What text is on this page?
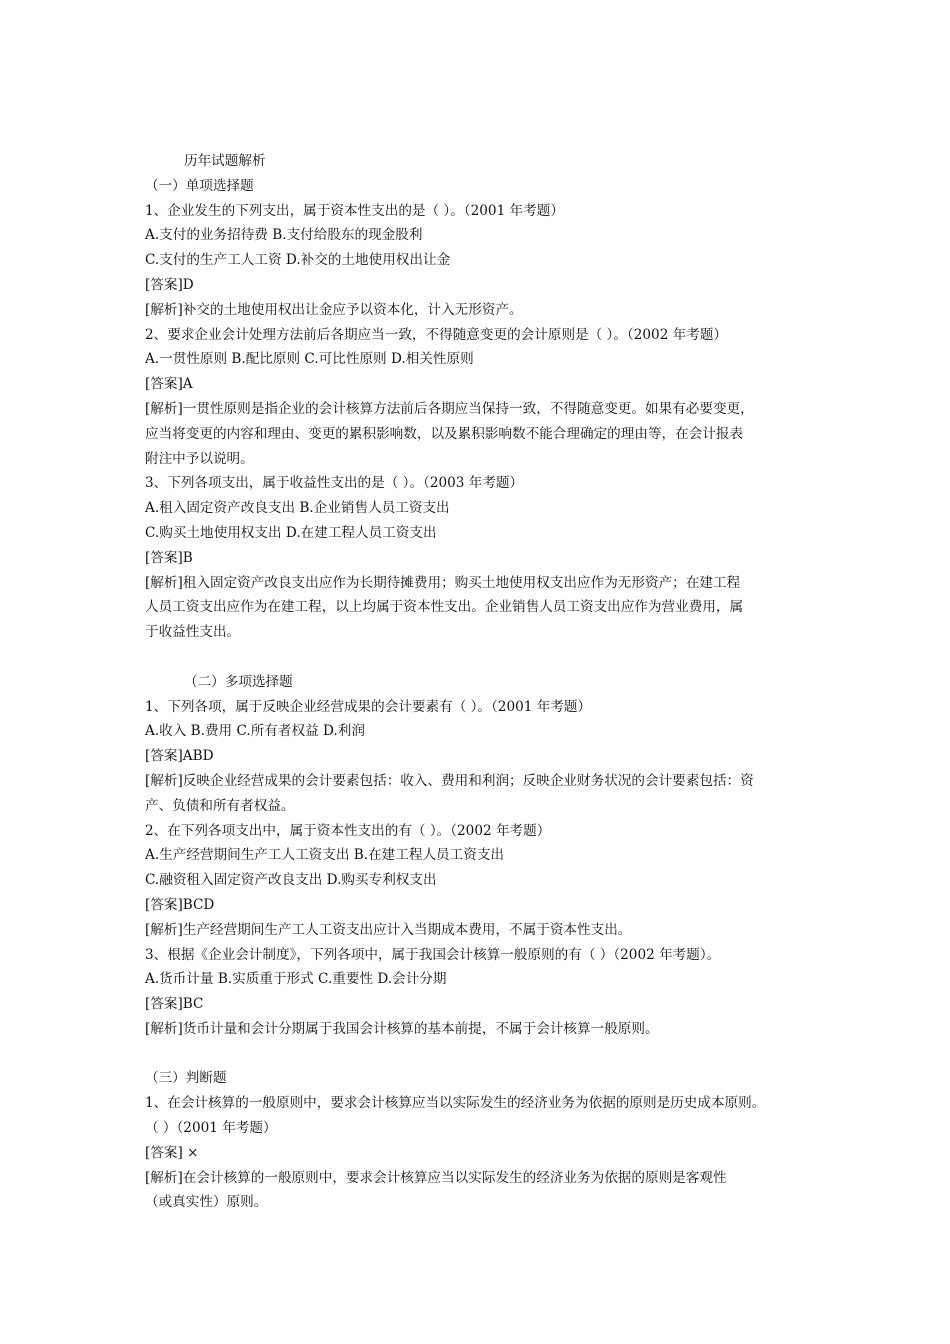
历年试题解析
（一）单项选择题
1、企业发生的下列支出，属于资本性支出的是（ ）。（2001 年考题）
A.支付的业务招待费 B.支付给股东的现金股利
C.支付的生产工人工资 D.补交的土地使用权出让金
[答案]D
[解析]补交的土地使用权出让金应予以资本化，计入无形资产。
2、要求企业会计处理方法前后各期应当一致，不得随意变更的会计原则是（ ）。（2002 年考题）
A.一贯性原则 B.配比原则 C.可比性原则 D.相关性原则
[答案]A
[解析]一贯性原则是指企业的会计核算方法前后各期应当保持一致，不得随意变更。如果有必要变更，
应当将变更的内容和理由、变更的累积影响数，以及累积影响数不能合理确定的理由等，在会计报表
附注中予以说明。
3、下列各项支出，属于收益性支出的是（ ）。（2003 年考题）
A.租入固定资产改良支出 B.企业销售人员工资支出
C.购买土地使用权支出 D.在建工程人员工资支出
[答案]B
[解析]租入固定资产改良支出应作为长期待摊费用；购买土地使用权支出应作为无形资产；在建工程
人员工资支出应作为在建工程，以上均属于资本性支出。企业销售人员工资支出应作为营业费用，属
于收益性支出。
（二）多项选择题
1、下列各项，属于反映企业经营成果的会计要素有（ ）。（2001 年考题）
A.收入 B.费用 C.所有者权益 D.利润
[答案]ABD
[解析]反映企业经营成果的会计要素包括：收入、费用和利润；反映企业财务状况的会计要素包括：资
产、负债和所有者权益。
2、在下列各项支出中，属于资本性支出的有（ ）。（2002 年考题）
A.生产经营期间生产工人工资支出 B.在建工程人员工资支出
C.融资租入固定资产改良支出 D.购买专利权支出
[答案]BCD
[解析]生产经营期间生产工人工资支出应计入当期成本费用，不属于资本性支出。
3、根据《企业会计制度》，下列各项中，属于我国会计核算一般原则的有（ ）（2002 年考题）。
A.货币计量 B.实质重于形式 C.重要性 D.会计分期
[答案]BC
[解析]货币计量和会计分期属于我国会计核算的基本前提，不属于会计核算一般原则。
（三）判断题
1、在会计核算的一般原则中，要求会计核算应当以实际发生的经济业务为依据的原则是历史成本原则。
（ ）（2001 年考题）
[答案] ×
[解析]在会计核算的一般原则中，要求会计核算应当以实际发生的经济业务为依据的原则是客观性
（或真实性）原则。
